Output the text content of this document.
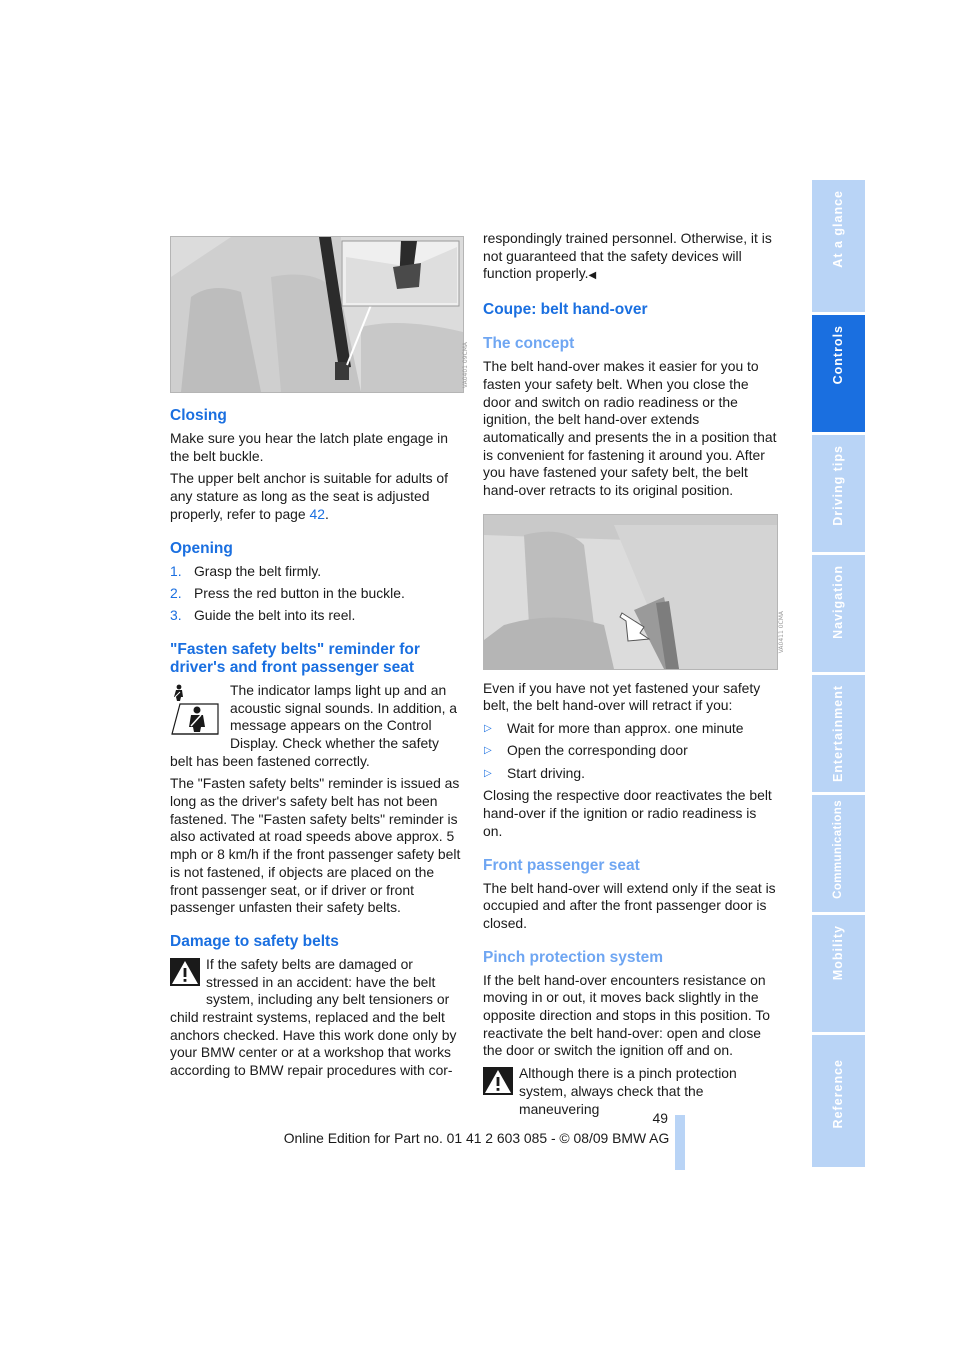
VA0401 09CMA
Closing

Make sure you hear the latch plate engage in the belt buckle.

The upper belt anchor is suitable for adults of any stature as long as the seat is adjusted properly, refer to page 42.

Opening
1. Grasp the belt firmly.
2. Press the red button in the buckle.
3. Guide the belt into its reel.
"Fasten safety belts" reminder for driver's and front passenger seat

The indicator lamps light up and an acoustic signal sounds. In addition, a message appears on the Control Display. Check whether the safety belt has been fastened correctly.

The "Fasten safety belts" reminder is issued as long as the driver's safety belt has not been fastened. The "Fasten safety belts" reminder is also activated at road speeds above approx. 5 mph or 8 km/h if the front passenger safety belt is not fastened, if objects are placed on the front passenger seat, or if driver or front passenger unfasten their safety belts.

Damage to safety belts

If the safety belts are damaged or stressed in an accident: have the belt system, including any belt tensioners or child restraint systems, replaced and the belt anchors checked. Have this work done only by your BMW center or at a workshop that works according to BMW repair procedures with cor-

respondingly trained personnel. Otherwise, it is not guaranteed that the safety devices will function properly.◀

Coupe: belt hand-over
The concept

The belt hand-over makes it easier for you to fasten your safety belt. When you close the door and switch on radio readiness or the ignition, the belt hand-over extends automatically and presents the in a position that is convenient for fastening it around you. After you have fastened your safety belt, the belt hand-over retracts to its original position.

VA0411 0CMA

Even if you have not yet fastened your safety belt, the belt hand-over will retract if you:

▷ Wait for more than approx. one minute
▷ Open the corresponding door
▷ Start driving.

Closing the respective door reactivates the belt hand-over if the ignition or radio readiness is on.

Front passenger seat

The belt hand-over will extend only if the seat is occupied and after the front passenger door is closed.

Pinch protection system

If the belt hand-over encounters resistance on moving in or out, it moves back slightly in the opposite direction and stops in this position. To reactivate the belt hand-over: open and close the door or switch the ignition off and on.

Although there is a pinch protection system, always check that the maneuvering

At a glance
Controls
Driving tips
Navigation
Entertainment
Communications
Mobility
Reference
49
Online Edition for Part no. 01 41 2 603 085 - © 08/09 BMW AG
